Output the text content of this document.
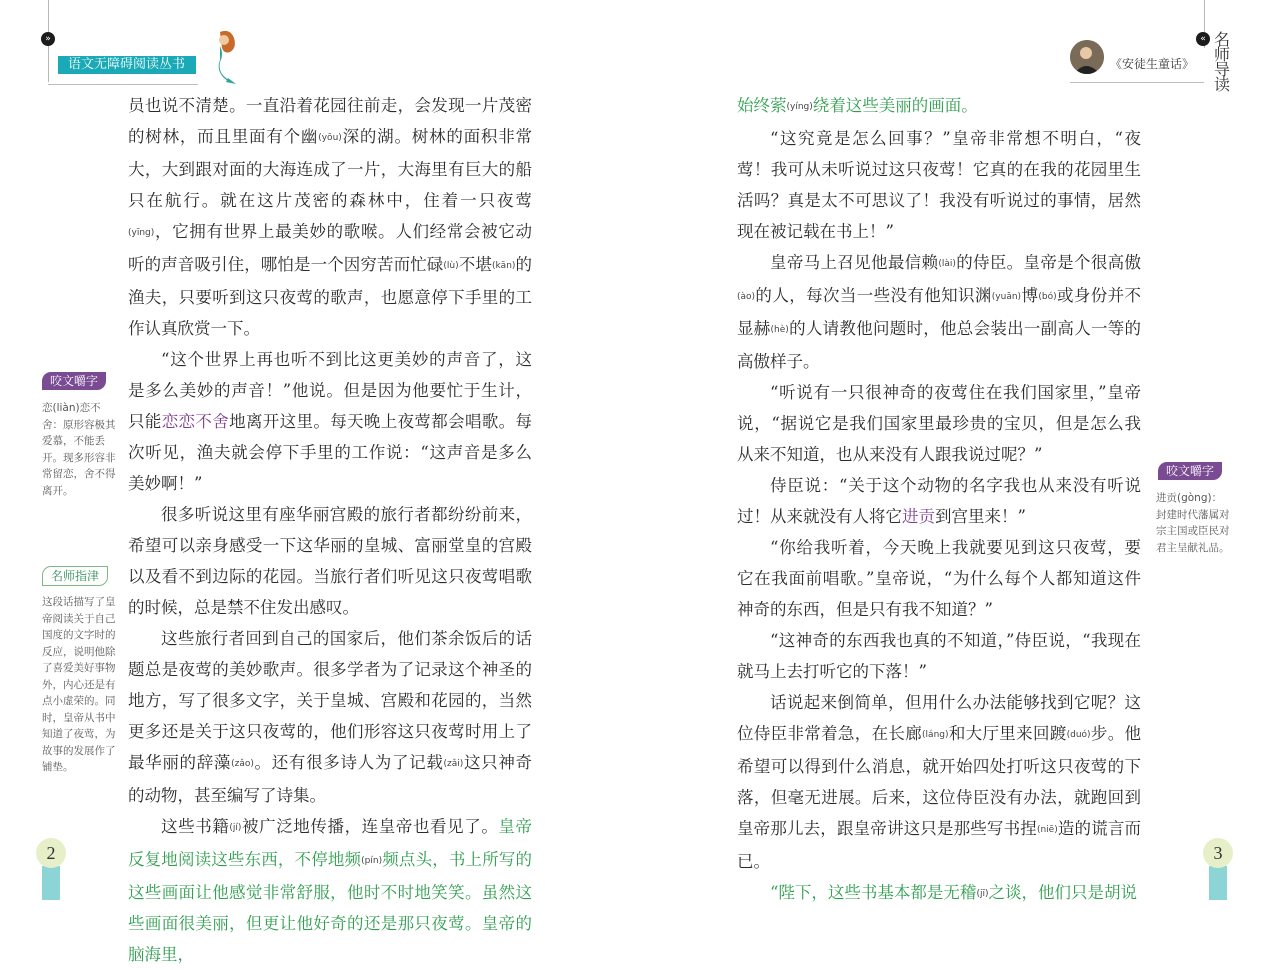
»
语文无障碍阅读丛书
«
《安徒生童话》
名师导读

员也说不清楚。一直沿着花园往前走，会发现一片茂密的树林，而且里面有个幽(yōu)深的湖。树林的面积非常大，大到跟对面的大海连成了一片，大海里有巨大的船只在航行。就在这片茂密的森林中，住着一只夜莺(yīng)，它拥有世界上最美妙的歌喉。人们经常会被它动听的声音吸引住，哪怕是一个因穷苦而忙碌(lù)不堪(kān)的渔夫，只要听到这只夜莺的歌声，也愿意停下手里的工作认真欣赏一下。

“这个世界上再也听不到比这更美妙的声音了，这是多么美妙的声音！”他说。但是因为他要忙于生计，只能恋恋不舍地离开这里。每天晚上夜莺都会唱歌。每次听见，渔夫就会停下手里的工作说：“这声音是多么美妙啊！”

很多听说这里有座华丽宫殿的旅行者都纷纷前来，希望可以亲身感受一下这华丽的皇城、富丽堂皇的宫殿以及看不到边际的花园。当旅行者们听见这只夜莺唱歌的时候，总是禁不住发出感叹。

这些旅行者回到自己的国家后，他们茶余饭后的话题总是夜莺的美妙歌声。很多学者为了记录这个神圣的地方，写了很多文字，关于皇城、宫殿和花园的，当然更多还是关于这只夜莺的，他们形容这只夜莺时用上了最华丽的辞藻(zǎo)。还有很多诗人为了记载(zǎi)这只神奇的动物，甚至编写了诗集。

这些书籍(jí)被广泛地传播，连皇帝也看见了。皇帝反复地阅读这些东西，不停地频(pín)频点头，书上所写的这些画面让他感觉非常舒服，他时不时地笑笑。虽然这些画面很美丽，但更让他好奇的还是那只夜莺。皇帝的脑海里，

咬文嚼字
恋(liàn)恋不舍：原形容极其爱慕，不能丢开。现多形容非常留恋，舍不得离开。
名师指津
这段话描写了皇帝阅读关于自己国度的文字时的反应，说明他除了喜爱美好事物外，内心还是有点小虚荣的。同时，皇帝从书中知道了夜莺，为故事的发展作了铺垫。

始终萦(yíng)绕着这些美丽的画面。

“这究竟是怎么回事？”皇帝非常想不明白，“夜莺！我可从未听说过这只夜莺！它真的在我的花园里生活吗？真是太不可思议了！我没有听说过的事情，居然现在被记载在书上！”

皇帝马上召见他最信赖(lài)的侍臣。皇帝是个很高傲(ào)的人，每次当一些没有他知识渊(yuān)博(bó)或身份并不显赫(hè)的人请教他问题时，他总会装出一副高人一等的高傲样子。

“听说有一只很神奇的夜莺住在我们国家里，”皇帝说，“据说它是我们国家里最珍贵的宝贝，但是怎么我从来不知道，也从来没有人跟我说过呢？”

侍臣说：“关于这个动物的名字我也从来没有听说过！从来就没有人将它进贡到宫里来！”

“你给我听着，今天晚上我就要见到这只夜莺，要它在我面前唱歌。”皇帝说，“为什么每个人都知道这件神奇的东西，但是只有我不知道？”

“这神奇的东西我也真的不知道，”侍臣说，“我现在就马上去打听它的下落！”

话说起来倒简单，但用什么办法能够找到它呢？这位侍臣非常着急，在长廊(láng)和大厅里来回踱(duó)步。他希望可以得到什么消息，就开始四处打听这只夜莺的下落，但毫无进展。后来，这位侍臣没有办法，就跑回到皇帝那儿去，跟皇帝讲这只是那些写书捏(niē)造的谎言而已。

“陛下，这些书基本都是无稽(jī)之谈，他们只是胡说

咬文嚼字
进贡(gòng)：封建时代藩属对宗主国或臣民对君主呈献礼品。
2	3
